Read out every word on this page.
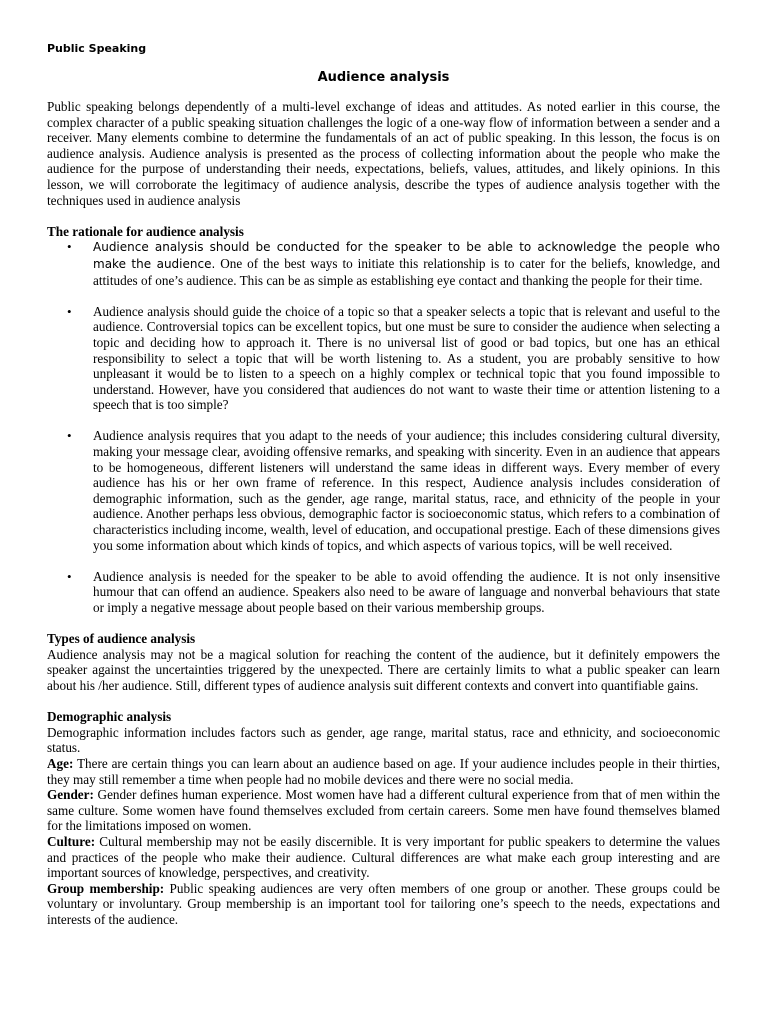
Public Speaking
Audience analysis

Public speaking belongs dependently of a multi-level exchange of ideas and attitudes. As noted earlier in this course, the complex character of a public speaking situation challenges the logic of a one-way flow of information between a sender and a receiver. Many elements combine to determine the fundamentals of an act of public speaking. In this lesson, the focus is on audience analysis. Audience analysis is presented as the process of collecting information about the people who make the audience for the purpose of understanding their needs, expectations, beliefs, values, attitudes, and likely opinions. In this lesson, we will corroborate the legitimacy of audience analysis, describe the types of audience analysis together with the techniques used in audience analysis

The rationale for audience analysis
• Audience analysis should be conducted for the speaker to be able to acknowledge the people who make the audience. One of the best ways to initiate this relationship is to cater for the beliefs, knowledge, and attitudes of one’s audience. This can be as simple as establishing eye contact and thanking the people for their time.
• Audience analysis should guide the choice of a topic so that a speaker selects a topic that is relevant and useful to the audience. Controversial topics can be excellent topics, but one must be sure to consider the audience when selecting a topic and deciding how to approach it. There is no universal list of good or bad topics, but one has an ethical responsibility to select a topic that will be worth listening to. As a student, you are probably sensitive to how unpleasant it would be to listen to a speech on a highly complex or technical topic that you found impossible to understand. However, have you considered that audiences do not want to waste their time or attention listening to a speech that is too simple?
• Audience analysis requires that you adapt to the needs of your audience; this includes considering cultural diversity, making your message clear, avoiding offensive remarks, and speaking with sincerity. Even in an audience that appears to be homogeneous, different listeners will understand the same ideas in different ways. Every member of every audience has his or her own frame of reference. In this respect, Audience analysis includes consideration of demographic information, such as the gender, age range, marital status, race, and ethnicity of the people in your audience. Another perhaps less obvious, demographic factor is socioeconomic status, which refers to a combination of characteristics including income, wealth, level of education, and occupational prestige. Each of these dimensions gives you some information about which kinds of topics, and which aspects of various topics, will be well received.
• Audience analysis is needed for the speaker to be able to avoid offending the audience. It is not only insensitive humour that can offend an audience. Speakers also need to be aware of language and nonverbal behaviours that state or imply a negative message about people based on their various membership groups.
Types of audience analysis

Audience analysis may not be a magical solution for reaching the content of the audience, but it definitely empowers the speaker against the uncertainties triggered by the unexpected. There are certainly limits to what a public speaker can learn about his /her audience. Still, different types of audience analysis suit different contexts and convert into quantifiable gains.

Demographic analysis

Demographic information includes factors such as gender, age range, marital status, race and ethnicity, and socioeconomic status.

Age: There are certain things you can learn about an audience based on age. If your audience includes people in their thirties, they may still remember a time when people had no mobile devices and there were no social media.

Gender: Gender defines human experience. Most women have had a different cultural experience from that of men within the same culture. Some women have found themselves excluded from certain careers. Some men have found themselves blamed for the limitations imposed on women.

Culture: Cultural membership may not be easily discernible. It is very important for public speakers to determine the values and practices of the people who make their audience. Cultural differences are what make each group interesting and are important sources of knowledge, perspectives, and creativity.

Group membership: Public speaking audiences are very often members of one group or another. These groups could be voluntary or involuntary. Group membership is an important tool for tailoring one’s speech to the needs, expectations and interests of the audience.
